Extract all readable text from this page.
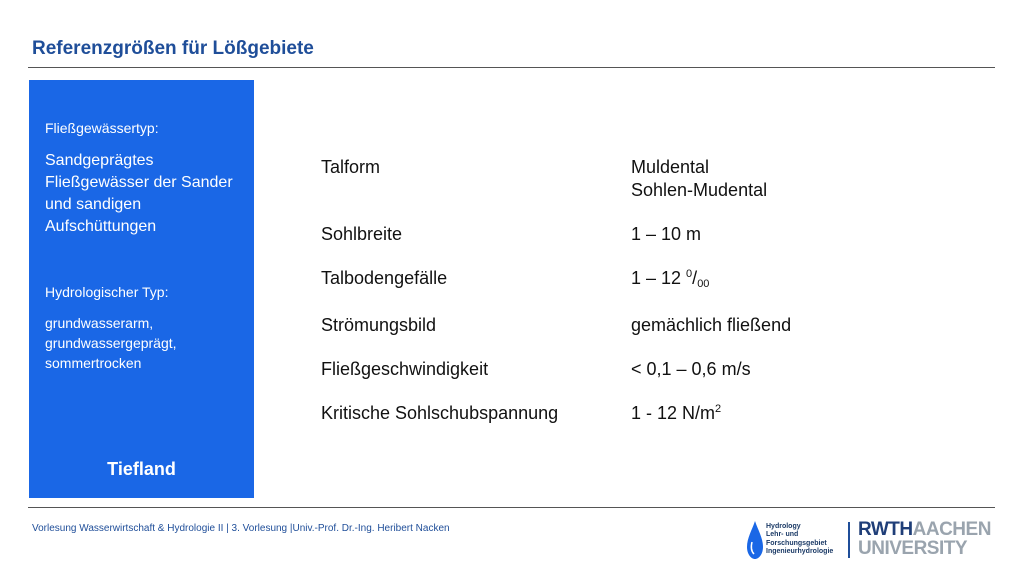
Referenzgrößen für Lößgebiete
Fließgewässertyp:
Sandgeprägtes Fließgewässer der Sander und sandigen Aufschüttungen
Hydrologischer Typ:
grundwasserarm, grundwassergeprägt, sommertrocken
Tiefland
Talform	Muldental
Sohlen-Mudental
Sohlbreite	1 – 10 m
Talbodengefälle	1 – 12 $^0$/00
Strömungsbild	gemächlich fließend
Fließgeschwindigkeit	< 0,1 – 0,6 m/s
Kritische Sohlschubspannung	1 - 12 $N/m^2$
Vorlesung Wasserwirtschaft & Hydrologie II | 3. Vorlesung |Univ.-Prof. Dr.-Ing. Heribert Nacken	Hydrology
Lehr- und
Forschungsgebiet
Ingenieurhydrologie
RWTHAACHEN
UNIVERSITY
